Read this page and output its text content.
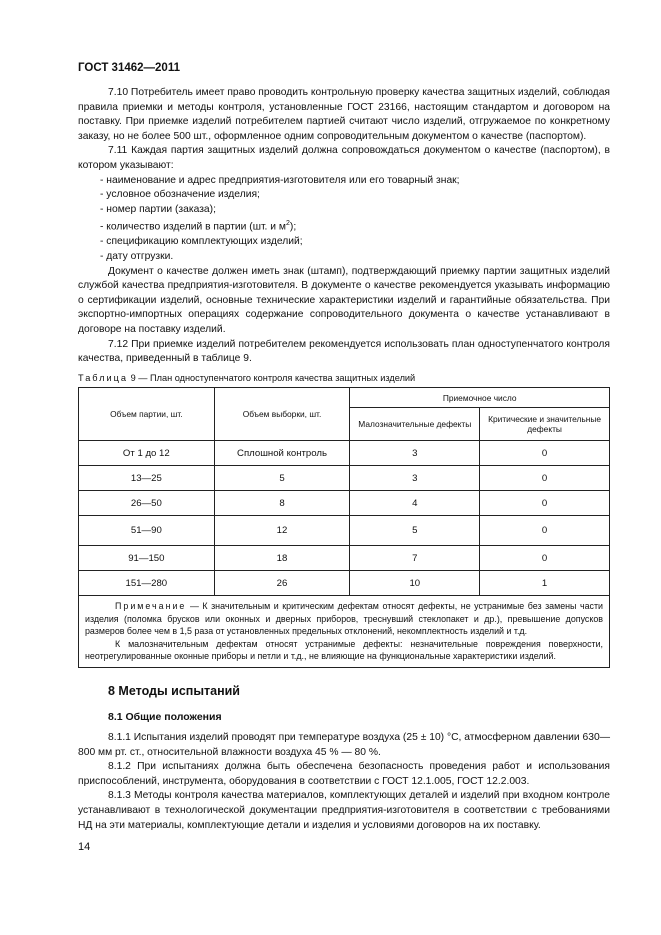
ГОСТ 31462—2011

7.10 Потребитель имеет право проводить контрольную проверку качества защитных изделий, соблюдая правила приемки и методы контроля, установленные ГОСТ 23166, настоящим стандартом и договором на поставку. При приемке изделий потребителем партией считают число изделий, отгружаемое по конкретному заказу, но не более 500 шт., оформленное одним сопроводительным документом о качестве (паспортом).

7.11 Каждая партия защитных изделий должна сопровождаться документом о качестве (паспортом), в котором указывают:

- наименование и адрес предприятия-изготовителя или его товарный знак;

- условное обозначение изделия;

- номер партии (заказа);

- количество изделий в партии (шт. и $м^2$);

- спецификацию комплектующих изделий;

- дату отгрузки.

Документ о качестве должен иметь знак (штамп), подтверждающий приемку партии защитных изделий службой качества предприятия-изготовителя. В документе о качестве рекомендуется указывать информацию о сертификации изделий, основные технические характеристики изделий и гарантийные обязательства. При экспортно-импортных операциях содержание сопроводительного документа о качестве устанавливают в договоре на поставку изделий.

7.12 При приемке изделий потребителем рекомендуется использовать план одноступенчатого контроля качества, приведенный в таблице 9.

Таблица 9 — План одноступенчатого контроля качества защитных изделий
Объем партии, шт.	Объем выборки, шт.	Приемочное число	
		Малозначительные дефекты	Критические и значительные дефекты
От 1 до 12	Сплошной контроль	3	0
13—25	5	3	0
26—50	8	4	0
51—90	12	5	0
91—150	18	7	0
151—280	26	10	1

Примечание — К значительным и критическим дефектам относят дефекты, не устранимые без замены части изделия (поломка брусков или оконных и дверных приборов, треснувший стеклопакет и др.), превышение допусков размеров более чем в 1,5 раза от установленных предельных отклонений, некомплектность изделий и т.д.

К малозначительным дефектам относят устранимые дефекты: незначительные повреждения поверхности, неотрегулированные оконные приборы и петли и т.д., не влияющие на функциональные характеристики изделий.			

8 Методы испытаний
8.1 Общие положения

8.1.1 Испытания изделий проводят при температуре воздуха (25 ± 10) °С, атмосферном давлении 630—800 мм рт. ст., относительной влажности воздуха 45 % — 80 %.

8.1.2 При испытаниях должна быть обеспечена безопасность проведения работ и использования приспособлений, инструмента, оборудования в соответствии с ГОСТ 12.1.005, ГОСТ 12.2.003.

8.1.3 Методы контроля качества материалов, комплектующих деталей и изделий при входном контроле устанавливают в технологической документации предприятия-изготовителя в соответствии с требованиями НД на эти материалы, комплектующие детали и изделия и условиями договоров на их поставку.

14
